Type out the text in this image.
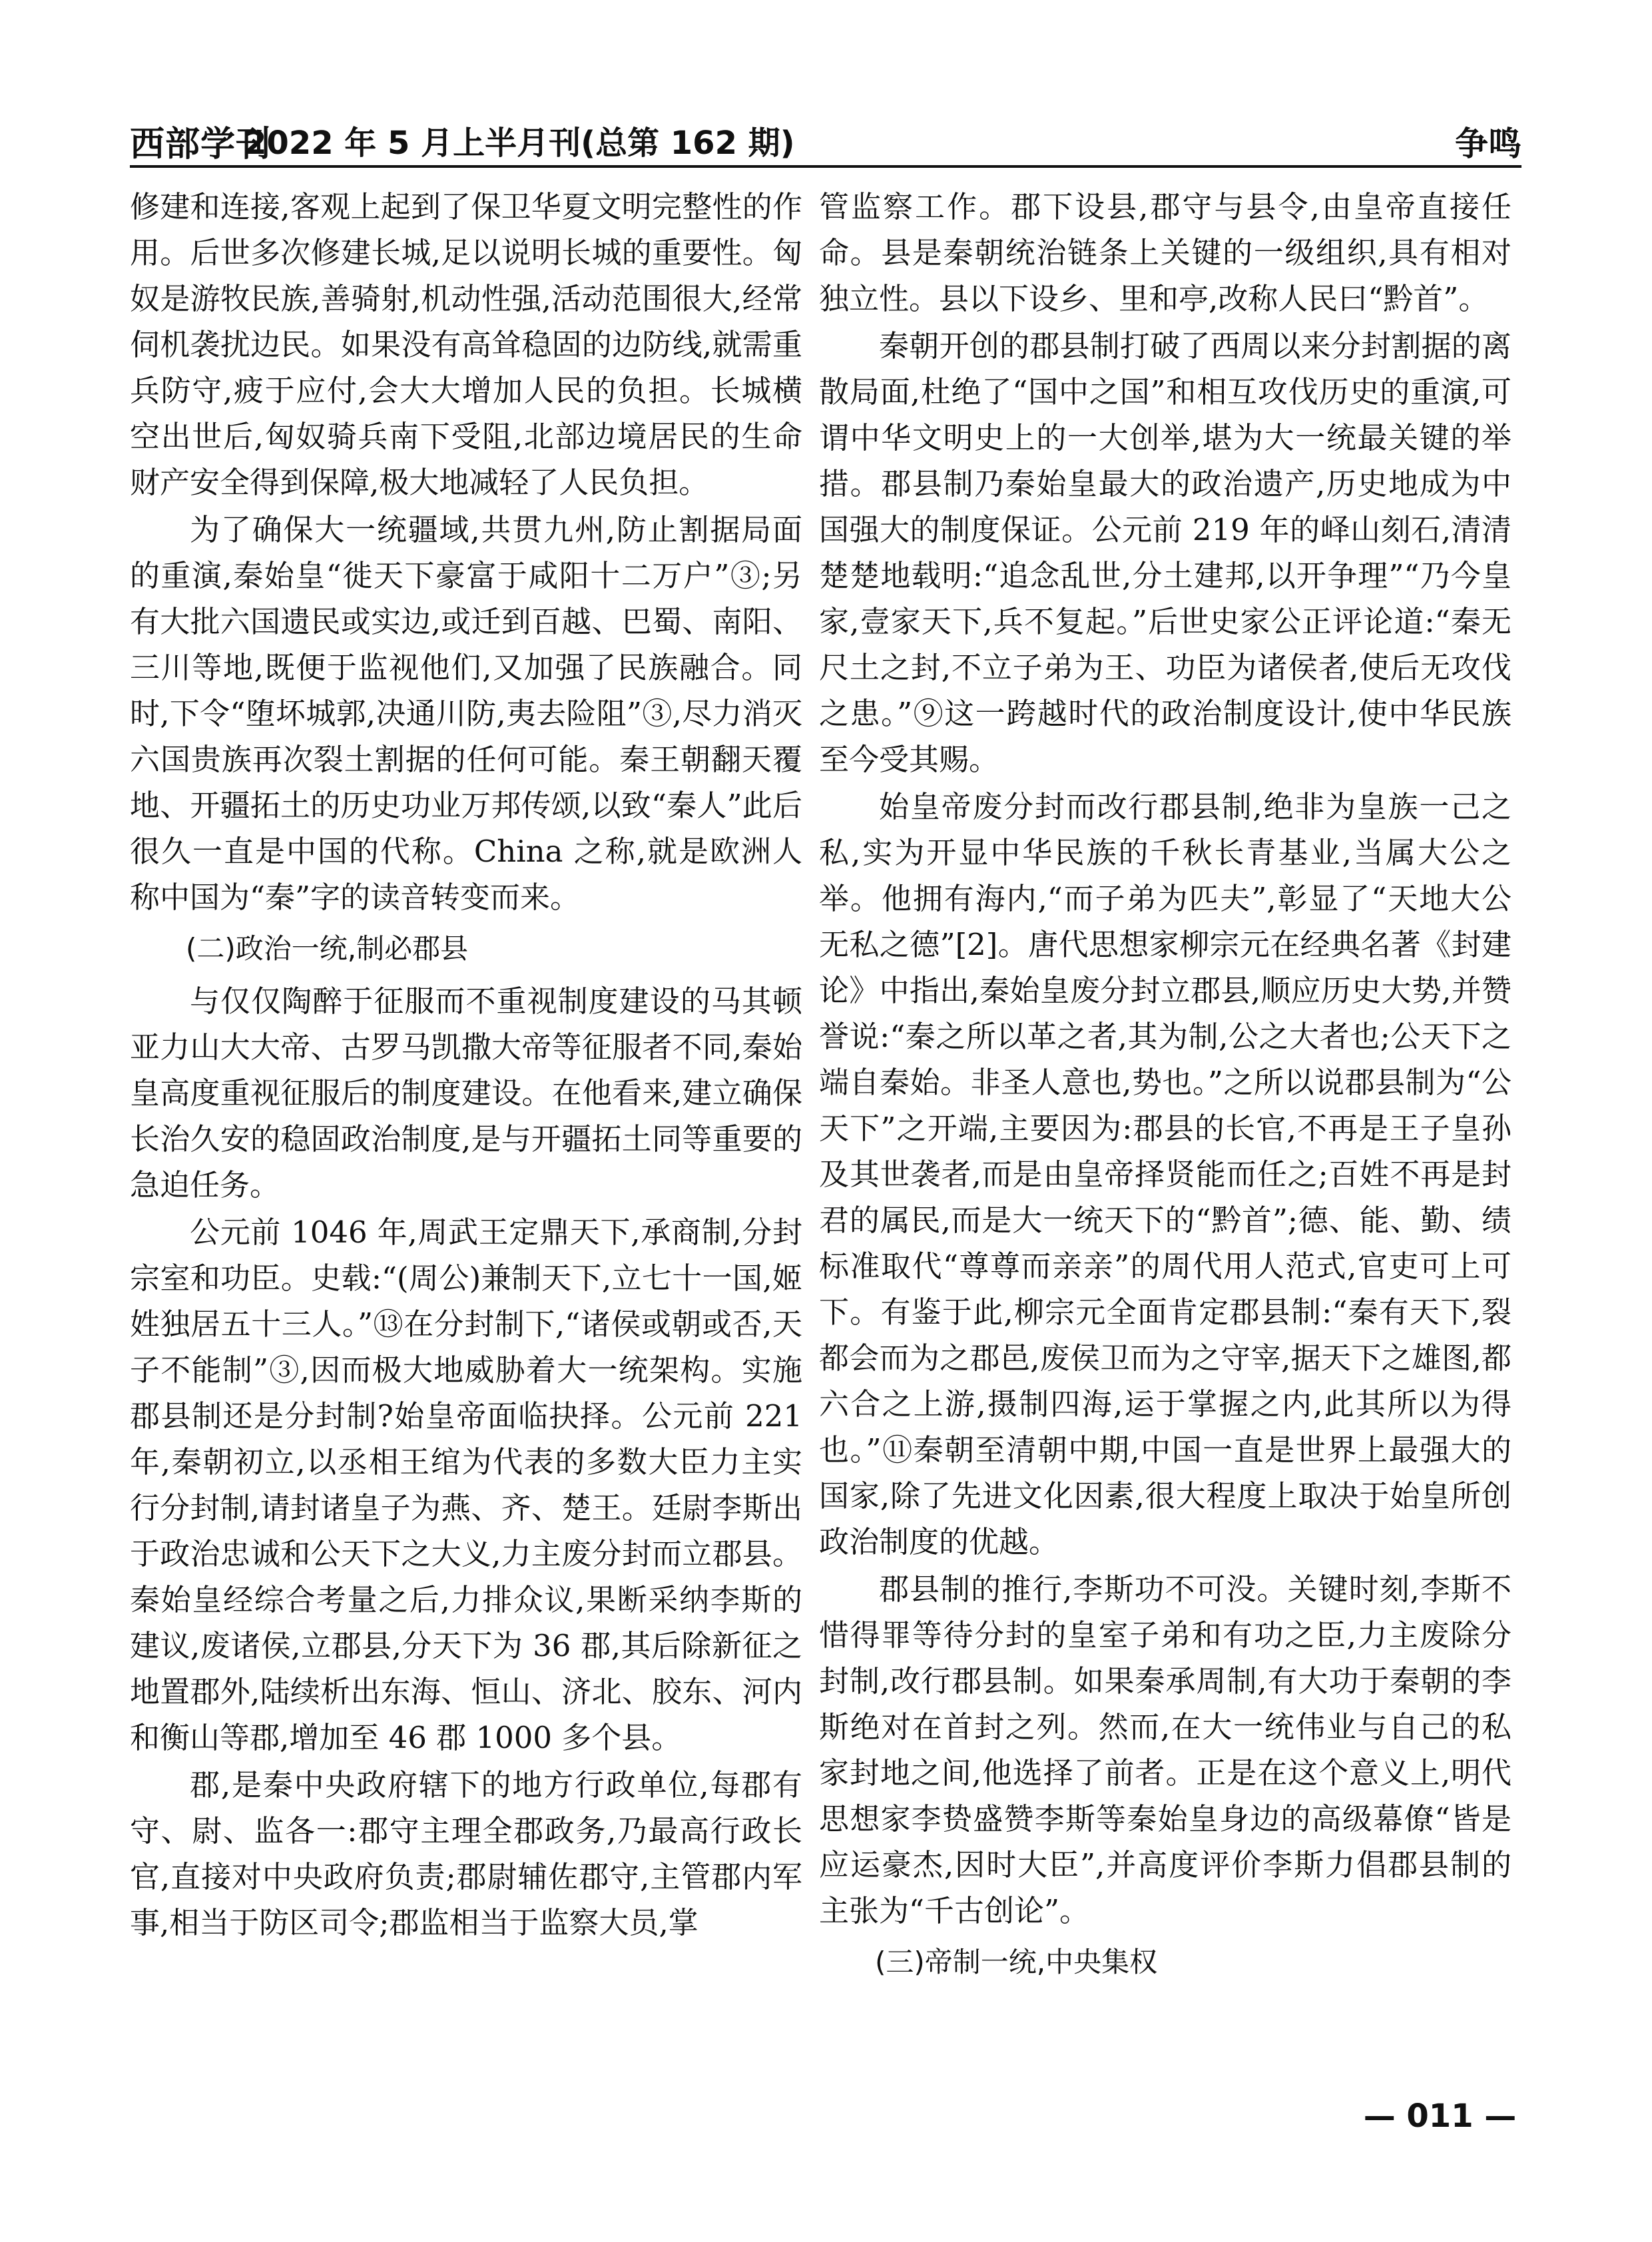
西部学刊
2022 年 5 月上半月刊(总第 162 期)	争鸣

修建和连接,客观上起到了保卫华夏文明完整性的作用。后世多次修建长城,足以说明长城的重要性。匈奴是游牧民族,善骑射,机动性强,活动范围很大,经常伺机袭扰边民。如果没有高耸稳固的边防线,就需重兵防守,疲于应付,会大大增加人民的负担。长城横空出世后,匈奴骑兵南下受阻,北部边境居民的生命财产安全得到保障,极大地减轻了人民负担。

为了确保大一统疆域,共贯九州,防止割据局面的重演,秦始皇“徙天下豪富于咸阳十二万户”③;另有大批六国遗民或实边,或迁到百越、巴蜀、南阳、三川等地,既便于监视他们,又加强了民族融合。同时,下令“堕坏城郭,决通川防,夷去险阻”③,尽力消灭六国贵族再次裂土割据的任何可能。秦王朝翻天覆地、开疆拓土的历史功业万邦传颂,以致“秦人”此后很久一直是中国的代称。China 之称,就是欧洲人称中国为“秦”字的读音转变而来。

(二)政治一统,制必郡县

与仅仅陶醉于征服而不重视制度建设的马其顿亚力山大大帝、古罗马凯撒大帝等征服者不同,秦始皇高度重视征服后的制度建设。在他看来,建立确保长治久安的稳固政治制度,是与开疆拓土同等重要的急迫任务。

公元前 1046 年,周武王定鼎天下,承商制,分封宗室和功臣。史载:“(周公)兼制天下,立七十一国,姬姓独居五十三人。”⑬在分封制下,“诸侯或朝或否,天子不能制”③,因而极大地威胁着大一统架构。实施郡县制还是分封制?始皇帝面临抉择。公元前 221 年,秦朝初立,以丞相王绾为代表的多数大臣力主实行分封制,请封诸皇子为燕、齐、楚王。廷尉李斯出于政治忠诚和公天下之大义,力主废分封而立郡县。秦始皇经综合考量之后,力排众议,果断采纳李斯的建议,废诸侯,立郡县,分天下为 36 郡,其后除新征之地置郡外,陆续析出东海、恒山、济北、胶东、河内和衡山等郡,增加至 46 郡 1000 多个县。

郡,是秦中央政府辖下的地方行政单位,每郡有守、尉、监各一:郡守主理全郡政务,乃最高行政长官,直接对中央政府负责;郡尉辅佐郡守,主管郡内军事,相当于防区司令;郡监相当于监察大员,掌

管监察工作。郡下设县,郡守与县令,由皇帝直接任命。县是秦朝统治链条上关键的一级组织,具有相对独立性。县以下设乡、里和亭,改称人民曰“黔首”。

秦朝开创的郡县制打破了西周以来分封割据的离散局面,杜绝了“国中之国”和相互攻伐历史的重演,可谓中华文明史上的一大创举,堪为大一统最关键的举措。郡县制乃秦始皇最大的政治遗产,历史地成为中国强大的制度保证。公元前 219 年的峄山刻石,清清楚楚地载明:“追念乱世,分土建邦,以开争理”“乃今皇家,壹家天下,兵不复起。”后世史家公正评论道:“秦无尺土之封,不立子弟为王、功臣为诸侯者,使后无攻伐之患。”⑨这一跨越时代的政治制度设计,使中华民族至今受其赐。

始皇帝废分封而改行郡县制,绝非为皇族一己之私,实为开显中华民族的千秋长青基业,当属大公之举。他拥有海内,“而子弟为匹夫”,彰显了“天地大公无私之德”[2]。唐代思想家柳宗元在经典名著《封建论》中指出,秦始皇废分封立郡县,顺应历史大势,并赞誉说:“秦之所以革之者,其为制,公之大者也;公天下之端自秦始。非圣人意也,势也。”之所以说郡县制为“公天下”之开端,主要因为:郡县的长官,不再是王子皇孙及其世袭者,而是由皇帝择贤能而任之;百姓不再是封君的属民,而是大一统天下的“黔首”;德、能、勤、绩标准取代“尊尊而亲亲”的周代用人范式,官吏可上可下。有鉴于此,柳宗元全面肯定郡县制:“秦有天下,裂都会而为之郡邑,废侯卫而为之守宰,据天下之雄图,都六合之上游,摄制四海,运于掌握之内,此其所以为得也。”⑪秦朝至清朝中期,中国一直是世界上最强大的国家,除了先进文化因素,很大程度上取决于始皇所创政治制度的优越。

郡县制的推行,李斯功不可没。关键时刻,李斯不惜得罪等待分封的皇室子弟和有功之臣,力主废除分封制,改行郡县制。如果秦承周制,有大功于秦朝的李斯绝对在首封之列。然而,在大一统伟业与自己的私家封地之间,他选择了前者。正是在这个意义上,明代思想家李贽盛赞李斯等秦始皇身边的高级幕僚“皆是应运豪杰,因时大臣”,并高度评价李斯力倡郡县制的主张为“千古创论”。

(三)帝制一统,中央集权

— 011 —
